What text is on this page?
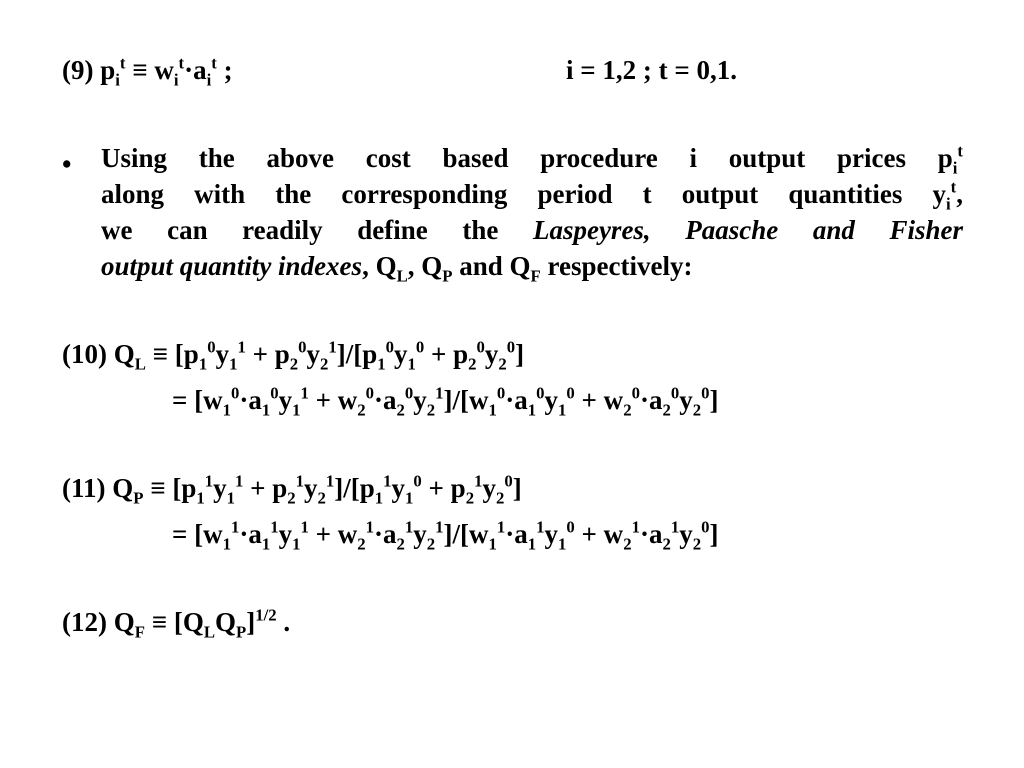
(9) $p_i^t \equiv w_i^t\cdot a_i^t$ ;	i = 1,2 ; t = 0,1.
• Using the above cost based procedure i output prices $p_i^t$
along with the corresponding period t output quantities $y_i^t$,
we can readily define the Laspeyres, Paasche and Fisher
output quantity indexes, $Q_L$, $Q_P$ and $Q_F$ respectively:
(10) $Q_L \equiv [p_1^0y_1^1 + p_2^0y_2^1]/[p_1^0y_1^0 + p_2^0y_2^0]$
= $[w_1^0\cdot a_1^0y_1^1 + w_2^0\cdot a_2^0y_2^1]/[w_1^0\cdot a_1^0y_1^0 + w_2^0\cdot a_2^0y_2^0]$
(11) $Q_P \equiv [p_1^1y_1^1 + p_2^1y_2^1]/[p_1^1y_1^0 + p_2^1y_2^0]$
= $[w_1^1\cdot a_1^1y_1^1 + w_2^1\cdot a_2^1y_2^1]/[w_1^1\cdot a_1^1y_1^0 + w_2^1\cdot a_2^1y_2^0]$
(12) $Q_F \equiv [Q_LQ_P]^{1/2}$ .
